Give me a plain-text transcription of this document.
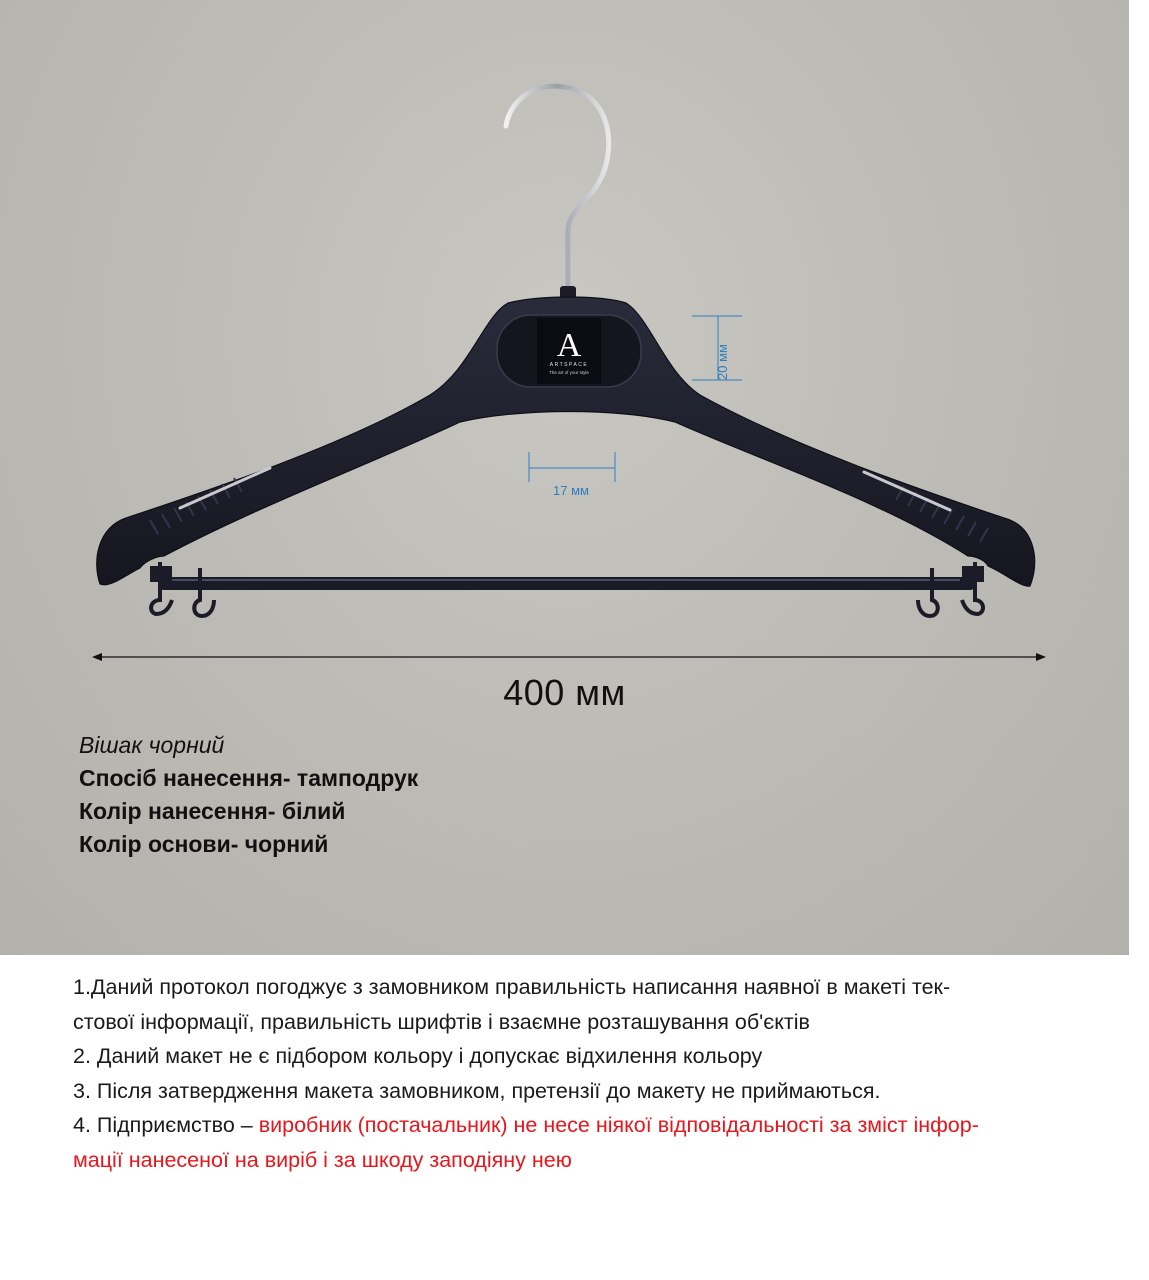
A
ARTSPACE
The art of your style
17 мм
20 мм
400 мм
Вішак чорний
Спосіб нанесення- тамподрук
Колір нанесення- білий
Колір основи- чорний

1.Даний протокол погоджує з замовником правильність написання наявної в макеті тек-

стової інформації, правильність шрифтів і взаємне розташування об'єктів

2. Даний макет не є підбором кольору і допускає відхилення кольору

3. Після затвердження макета замовником, претензії до макету не приймаються.

4. Підприємство – виробник (постачальник) не несе ніякої відповідальності за зміст інфор-

мації нанесеної на виріб і за шкоду заподіяну нею
